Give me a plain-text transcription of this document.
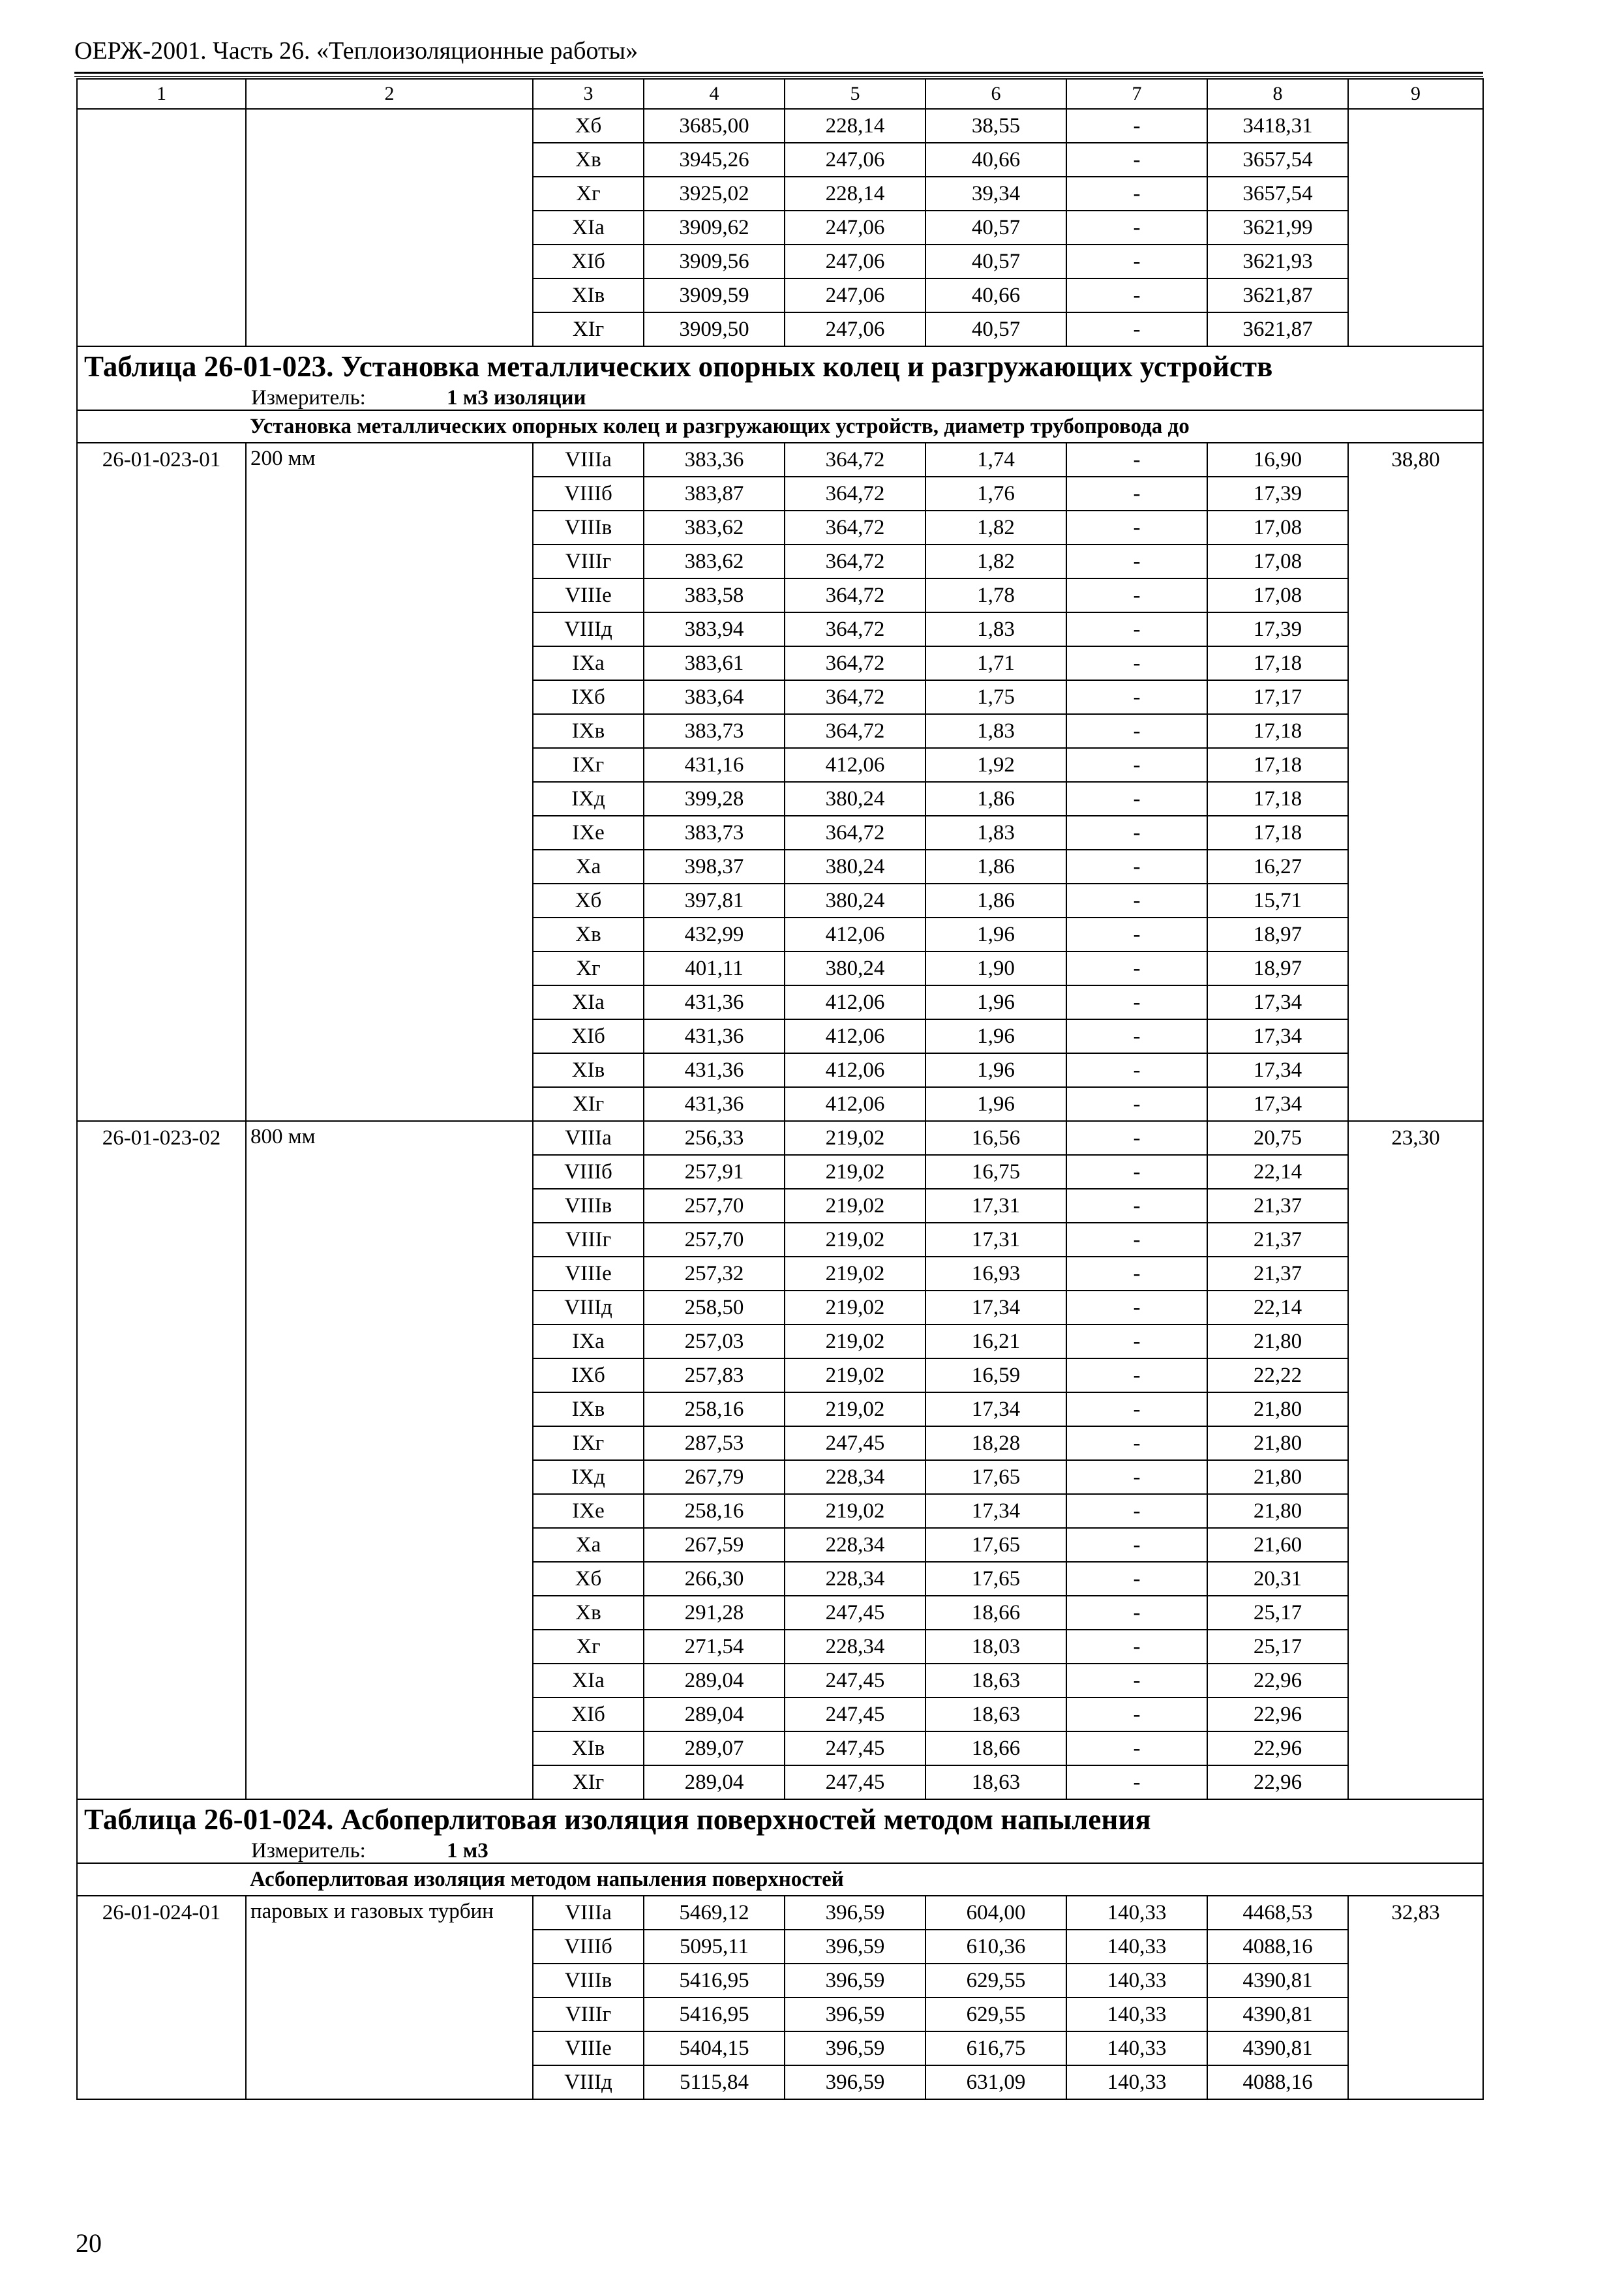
ОЕРЖ-2001. Часть 26. «Теплоизоляционные работы»
1	2	3	4	5	6	7	8	9
		Хб	3685,00	228,14	38,55	-	3418,31	
		Хв	3945,26	247,06	40,66	-	3657,54	
		Хг	3925,02	228,14	39,34	-	3657,54	
		XIа	3909,62	247,06	40,57	-	3621,99	
		XIб	3909,56	247,06	40,57	-	3621,93	
		XIв	3909,59	247,06	40,66	-	3621,87	
		XIг	3909,50	247,06	40,57	-	3621,87	
Таблица 26-01-023. Установка металлических опорных колец и разгружающих устройств								
Измеритель: 1 м3 изоляции								
Установка металлических опорных колец и разгружающих устройств, диаметр трубопровода до								
26-01-023-01	200 мм	VIIIа	383,36	364,72	1,74	-	16,90	38,80
		VIIIб	383,87	364,72	1,76	-	17,39	
		VIIIв	383,62	364,72	1,82	-	17,08	
		VIIIг	383,62	364,72	1,82	-	17,08	
		VIIIе	383,58	364,72	1,78	-	17,08	
		VIIIд	383,94	364,72	1,83	-	17,39	
		IXа	383,61	364,72	1,71	-	17,18	
		IXб	383,64	364,72	1,75	-	17,17	
		IXв	383,73	364,72	1,83	-	17,18	
		IXг	431,16	412,06	1,92	-	17,18	
		IXд	399,28	380,24	1,86	-	17,18	
		IXе	383,73	364,72	1,83	-	17,18	
		Ха	398,37	380,24	1,86	-	16,27	
		Хб	397,81	380,24	1,86	-	15,71	
		Хв	432,99	412,06	1,96	-	18,97	
		Хг	401,11	380,24	1,90	-	18,97	
		XIа	431,36	412,06	1,96	-	17,34	
		XIб	431,36	412,06	1,96	-	17,34	
		XIв	431,36	412,06	1,96	-	17,34	
		XIг	431,36	412,06	1,96	-	17,34	
26-01-023-02	800 мм	VIIIа	256,33	219,02	16,56	-	20,75	23,30
		VIIIб	257,91	219,02	16,75	-	22,14	
		VIIIв	257,70	219,02	17,31	-	21,37	
		VIIIг	257,70	219,02	17,31	-	21,37	
		VIIIе	257,32	219,02	16,93	-	21,37	
		VIIIд	258,50	219,02	17,34	-	22,14	
		IXа	257,03	219,02	16,21	-	21,80	
		IXб	257,83	219,02	16,59	-	22,22	
		IXв	258,16	219,02	17,34	-	21,80	
		IXг	287,53	247,45	18,28	-	21,80	
		IXд	267,79	228,34	17,65	-	21,80	
		IXе	258,16	219,02	17,34	-	21,80	
		Ха	267,59	228,34	17,65	-	21,60	
		Хб	266,30	228,34	17,65	-	20,31	
		Хв	291,28	247,45	18,66	-	25,17	
		Хг	271,54	228,34	18,03	-	25,17	
		XIа	289,04	247,45	18,63	-	22,96	
		XIб	289,04	247,45	18,63	-	22,96	
		XIв	289,07	247,45	18,66	-	22,96	
		XIг	289,04	247,45	18,63	-	22,96	
Таблица 26-01-024. Асбоперлитовая изоляция поверхностей методом напыления								
Измеритель: 1 м3								
Асбоперлитовая изоляция методом напыления поверхностей								
26-01-024-01	паровых и газовых турбин	VIIIа	5469,12	396,59	604,00	140,33	4468,53	32,83
		VIIIб	5095,11	396,59	610,36	140,33	4088,16	
		VIIIв	5416,95	396,59	629,55	140,33	4390,81	
		VIIIг	5416,95	396,59	629,55	140,33	4390,81	
		VIIIе	5404,15	396,59	616,75	140,33	4390,81	
		VIIIд	5115,84	396,59	631,09	140,33	4088,16	
20
